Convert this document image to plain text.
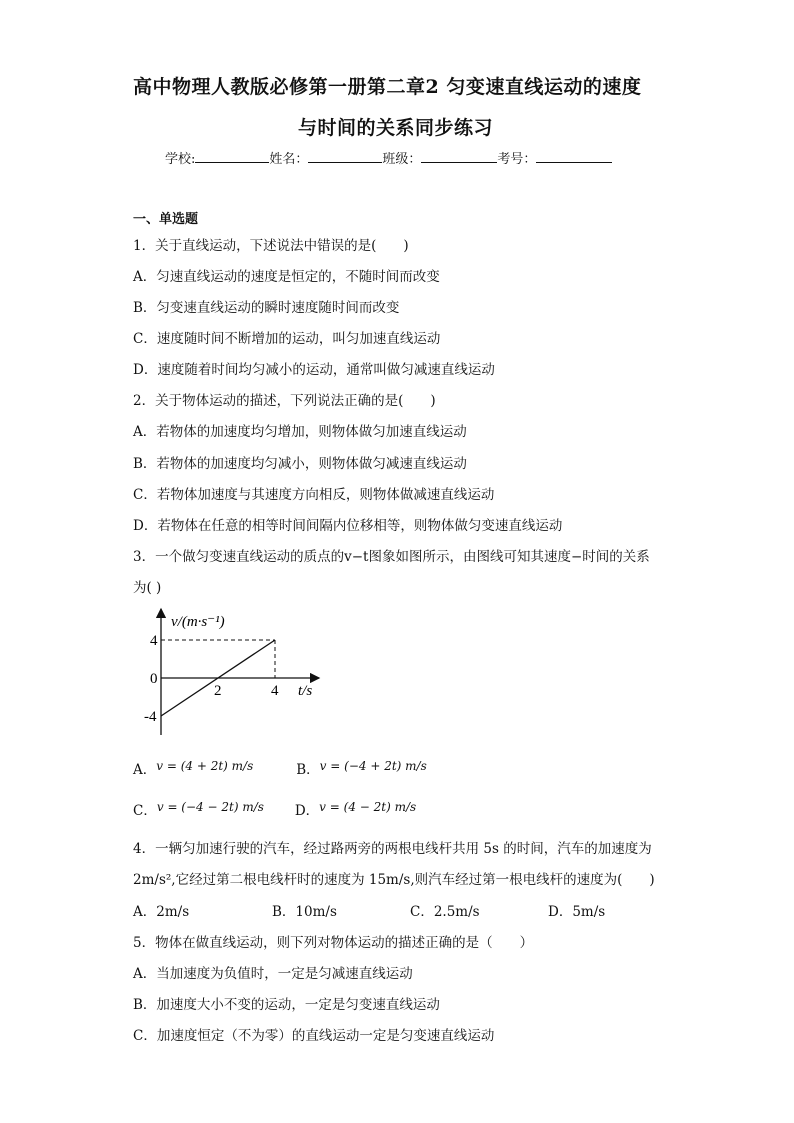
高中物理人教版必修第一册第二章2 匀变速直线运动的速度
与时间的关系同步练习
学校:	姓名：	班级：	考号：
一、单选题
1．关于直线运动，下述说法中错误的是(　　)
A．匀速直线运动的速度是恒定的，不随时间而改变
B．匀变速直线运动的瞬时速度随时间而改变
C．速度随时间不断增加的运动，叫匀加速直线运动
D．速度随着时间均匀减小的运动，通常叫做匀减速直线运动
2．关于物体运动的描述，下列说法正确的是(　　)
A．若物体的加速度均匀增加，则物体做匀加速直线运动
B．若物体的加速度均匀减小，则物体做匀减速直线运动
C．若物体加速度与其速度方向相反，则物体做减速直线运动
D．若物体在任意的相等时间间隔内位移相等，则物体做匀变速直线运动
3．一个做匀变速直线运动的质点的v−t图象如图所示，由图线可知其速度−时间的关系
为( )
v/(m·s⁻¹)
t/s
4
0
-4
2	4
A． v = (4 + 2t) m/s	B． v = (−4 + 2t) m/s
C． v = (−4 − 2t) m/s	D． v = (4 − 2t) m/s
4．一辆匀加速行驶的汽车，经过路两旁的两根电线杆共用 5s 的时间，汽车的加速度为
2m/s²,它经过第二根电线杆时的速度为 15m/s,则汽车经过第一根电线杆的速度为(　　)
A．2m/s	B．10m/s	C．2.5m/s	D．5m/s
5．物体在做直线运动，则下列对物体运动的描述正确的是（　　）
A．当加速度为负值时，一定是匀减速直线运动
B．加速度大小不变的运动，一定是匀变速直线运动
C．加速度恒定（不为零）的直线运动一定是匀变速直线运动
